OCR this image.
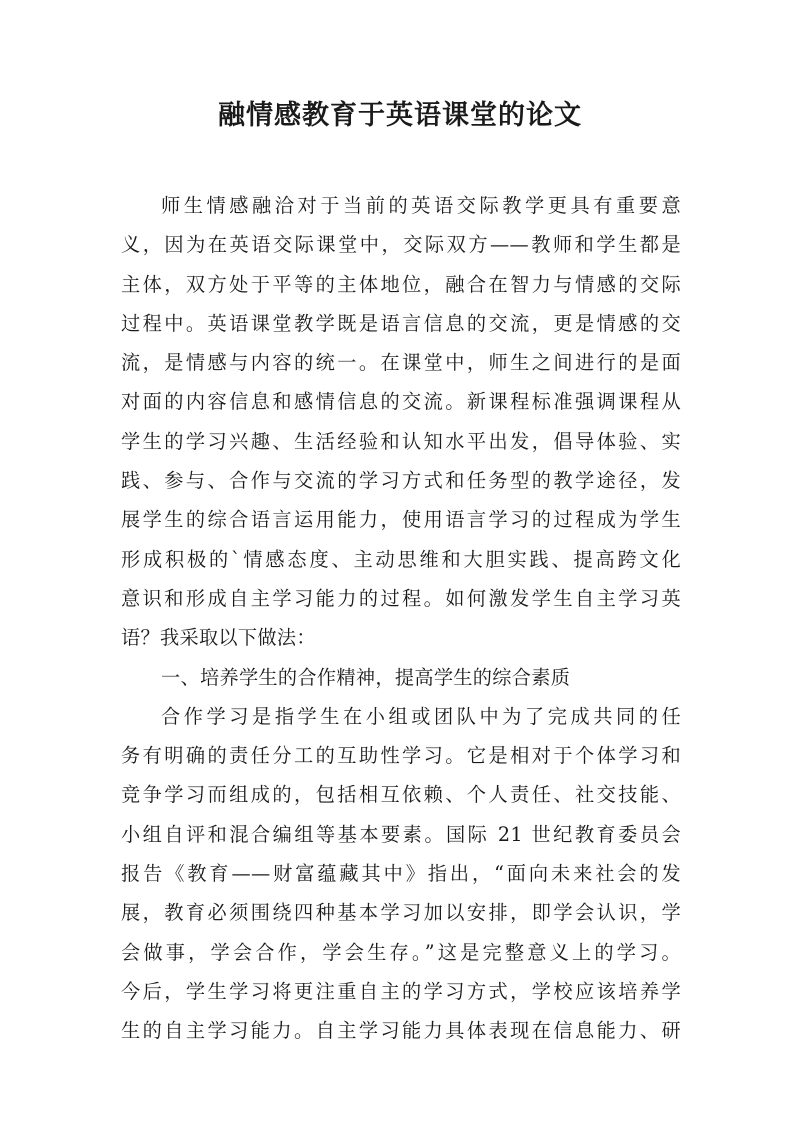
融情感教育于英语课堂的论文
师生情感融洽对于当前的英语交际教学更具有重要意
义，因为在英语交际课堂中，交际双方——教师和学生都是
主体，双方处于平等的主体地位，融合在智力与情感的交际
过程中。英语课堂教学既是语言信息的交流，更是情感的交
流，是情感与内容的统一。在课堂中，师生之间进行的是面
对面的内容信息和感情信息的交流。新课程标准强调课程从
学生的学习兴趣、生活经验和认知水平出发，倡导体验、实
践、参与、合作与交流的学习方式和任务型的教学途径，发
展学生的综合语言运用能力，使用语言学习的过程成为学生
形成积极的`情感态度、主动思维和大胆实践、提高跨文化
意识和形成自主学习能力的过程。如何激发学生自主学习英
语？我采取以下做法：
一、培养学生的合作精神，提高学生的综合素质
合作学习是指学生在小组或团队中为了完成共同的任
务有明确的责任分工的互助性学习。它是相对于个体学习和
竞争学习而组成的，包括相互依赖、个人责任、社交技能、
小组自评和混合编组等基本要素。国际 21 世纪教育委员会
报告《教育——财富蕴藏其中》指出，“面向未来社会的发
展，教育必须围绕四种基本学习加以安排，即学会认识，学
会做事，学会合作，学会生存。”这是完整意义上的学习。
今后，学生学习将更注重自主的学习方式，学校应该培养学
生的自主学习能力。自主学习能力具体表现在信息能力、研
